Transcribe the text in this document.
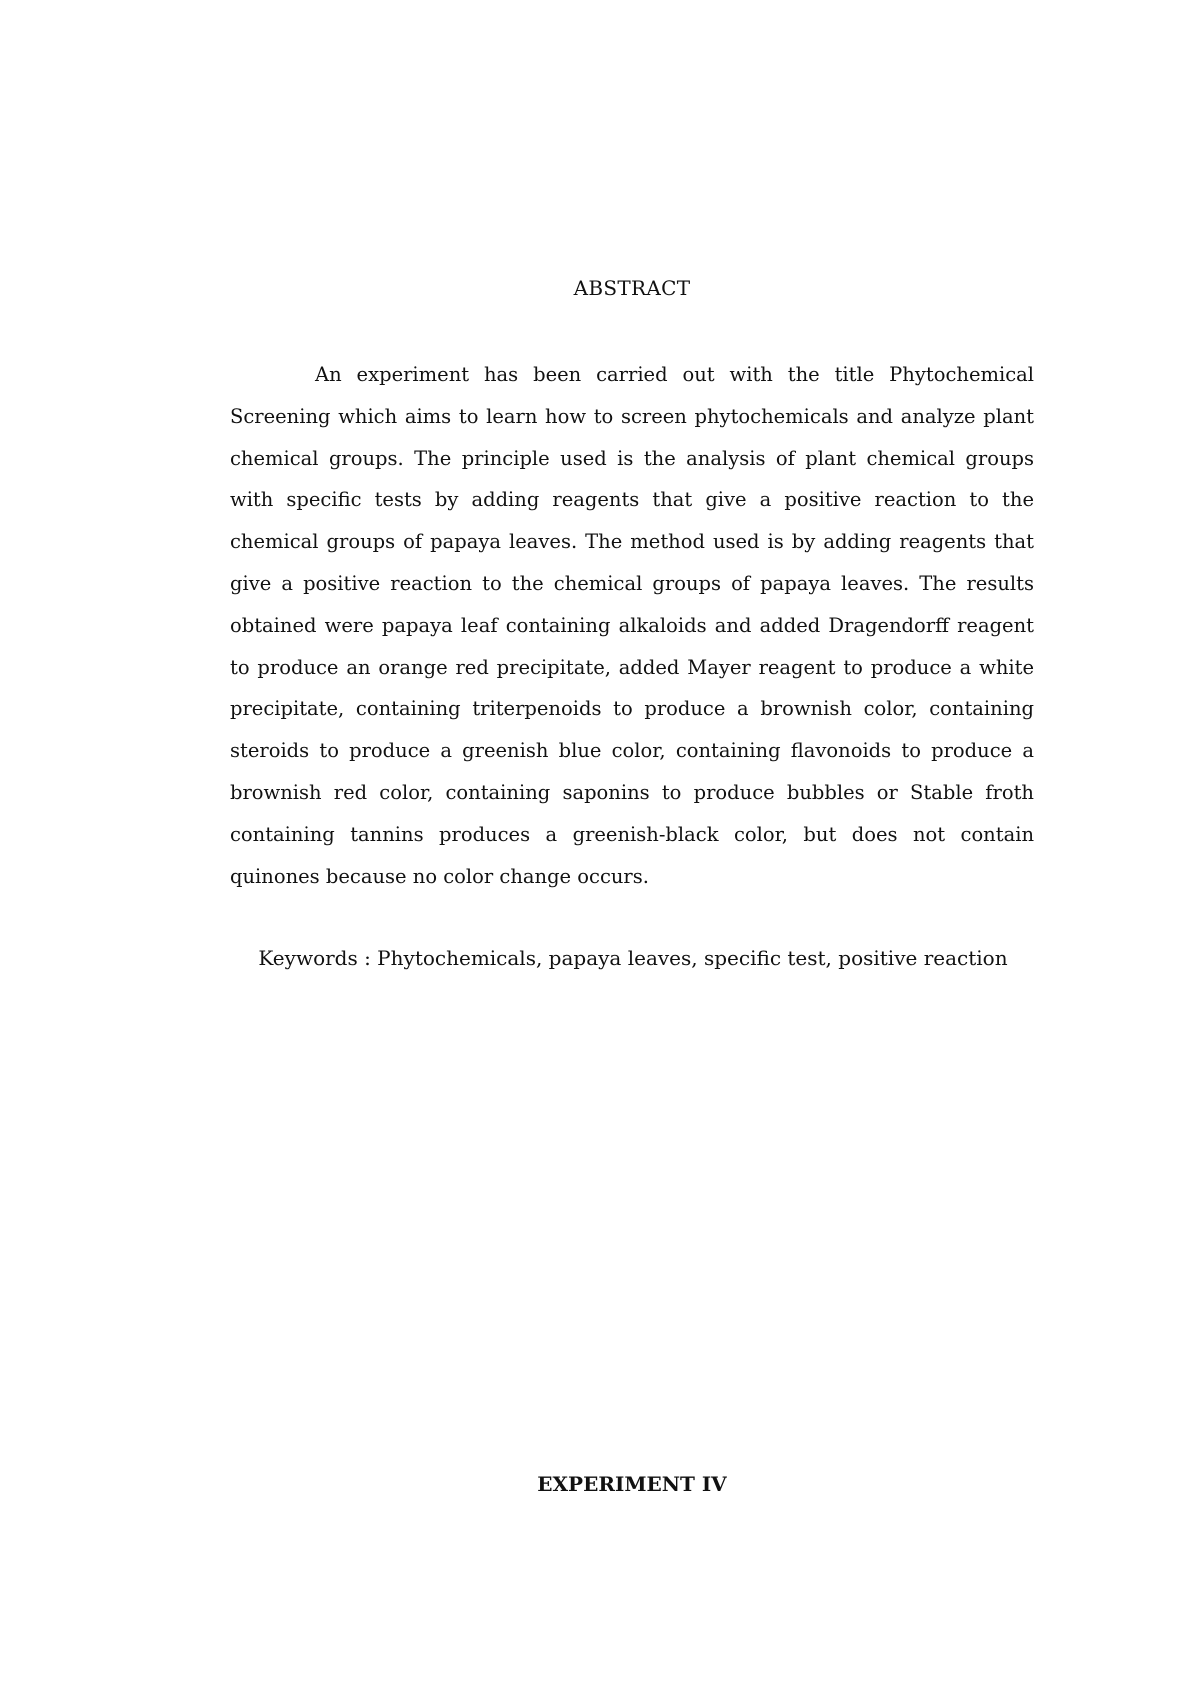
ABSTRACT

An experiment has been carried out with the title Phytochemical Screening which aims to learn how to screen phytochemicals and analyze plant chemical groups. The principle used is the analysis of plant chemical groups with specific tests by adding reagents that give a positive reaction to the chemical groups of papaya leaves. The method used is by adding reagents that give a positive reaction to the chemical groups of papaya leaves. The results obtained were papaya leaf containing alkaloids and added Dragendorff reagent to produce an orange red precipitate, added Mayer reagent to produce a white precipitate, containing triterpenoids to produce a brownish color, containing steroids to produce a greenish blue color, containing flavonoids to produce a brownish red color, containing saponins to produce bubbles or Stable froth containing tannins produces a greenish-black color, but does not contain quinones because no color change occurs.

Keywords : Phytochemicals, papaya leaves, specific test, positive reaction
EXPERIMENT IV
